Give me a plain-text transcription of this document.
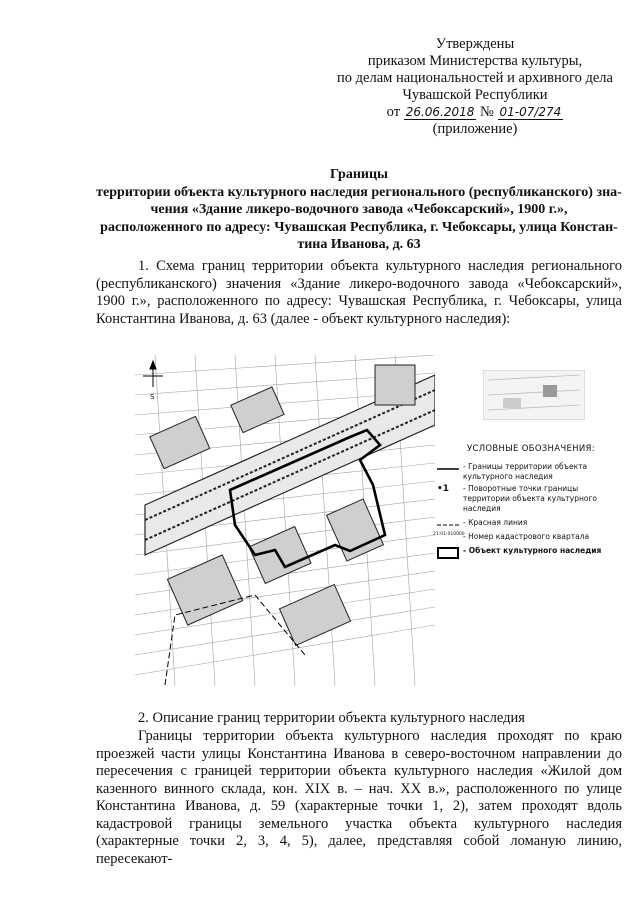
Утверждены
приказом Министерства культуры,
по делам национальностей и архивного дела
Чувашской Республики
от 26.06.2018 № 01-07/274
(приложение)
Границы
территории объекта культурного наследия регионального (республиканского) зна-
чения «Здание ликеро-водочного завода «Чебоксарский», 1900 г.»,
расположенного по адресу: Чувашская Республика, г. Чебоксары, улица Констан-
тина Иванова, д. 63
1. Схема границ территории объекта культурного наследия регионального (республиканского) значения «Здание ликеро-водочного завода «Чебоксарский», 1900 г.», расположенного по адресу: Чувашская Республика, г. Чебоксары, улица Константина Иванова, д. 63 (далее - объект культурного наследия):
S
УСЛОВНЫЕ ОБОЗНАЧЕНИЯ:
- Границы территории объекта культурного наследия
•1	- Поворотные точки границы территории объекта культурного наследия
- Красная линия
21:01:010000
- Номер кадастрового квартала
- Объект культурного наследия
2. Описание границ территории объекта культурного наследия
Границы территории объекта культурного наследия проходят по краю проезжей части улицы Константина Иванова в северо-восточном направлении до пересечения с границей территории объекта культурного наследия «Жилой дом казенного винного склада, кон. XIX в. – нач. XX в.», расположенного по улице Константина Иванова, д. 59 (характерные точки 1, 2), затем проходят вдоль кадастровой границы земельного участка объекта культурного наследия (характерные точки 2, 3, 4, 5), далее, представляя собой ломаную линию, пересекают-
